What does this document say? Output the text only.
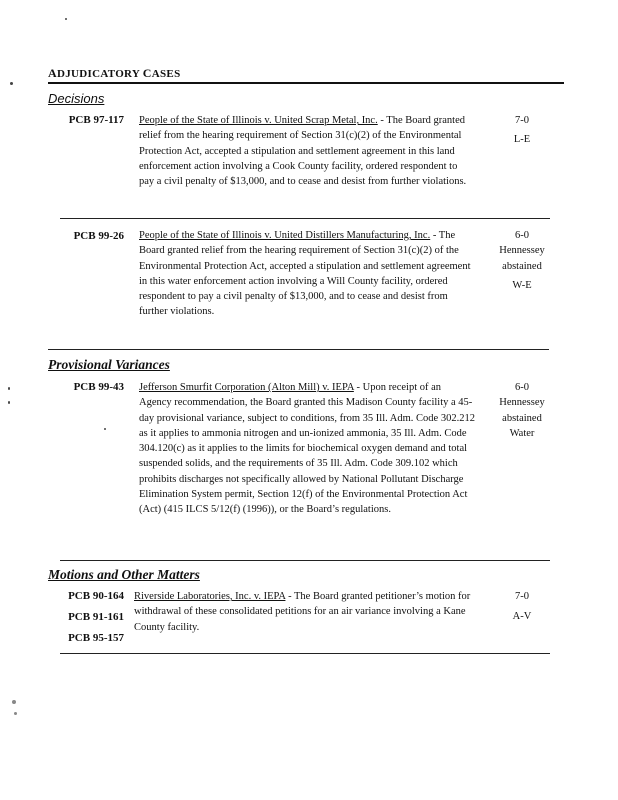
ADJUDICATORY CASES
Decisions
PCB 97-117 People of the State of Illinois v. United Scrap Metal, Inc. - The Board granted relief from the hearing requirement of Section 31(c)(2) of the Environmental Protection Act, accepted a stipulation and settlement agreement in this land enforcement action involving a Cook County facility, ordered respondent to pay a civil penalty of $13,000, and to cease and desist from further violations.
7-0
L-E
PCB 99-26 People of the State of Illinois v. United Distillers Manufacturing, Inc. - The Board granted relief from the hearing requirement of Section 31(c)(2) of the Environmental Protection Act, accepted a stipulation and settlement agreement in this water enforcement action involving a Will County facility, ordered respondent to pay a civil penalty of $13,000, and to cease and desist from further violations.
6-0
Hennessey
abstained
W-E
Provisional Variances
PCB 99-43 Jefferson Smurfit Corporation (Alton Mill) v. IEPA - Upon receipt of an Agency recommendation, the Board granted this Madison County facility a 45-day provisional variance, subject to conditions, from 35 Ill. Adm. Code 302.212 as it applies to ammonia nitrogen and un-ionized ammonia, 35 Ill. Adm. Code 304.120(c) as it applies to the limits for biochemical oxygen demand and total suspended solids, and the requirements of 35 Ill. Adm. Code 309.102 which prohibits discharges not specifically allowed by National Pollutant Discharge Elimination System permit, Section 12(f) of the Environmental Protection Act (Act) (415 ILCS 5/12(f) (1996)), or the Board’s regulations.
6-0
Hennessey
abstained
Water
Motions and Other Matters
PCB 90-164
PCB 91-161
PCB 95-157
Riverside Laboratories, Inc. v. IEPA - The Board granted petitioner’s motion for withdrawal of these consolidated petitions for an air variance involving a Kane County facility.
7-0
A-V
